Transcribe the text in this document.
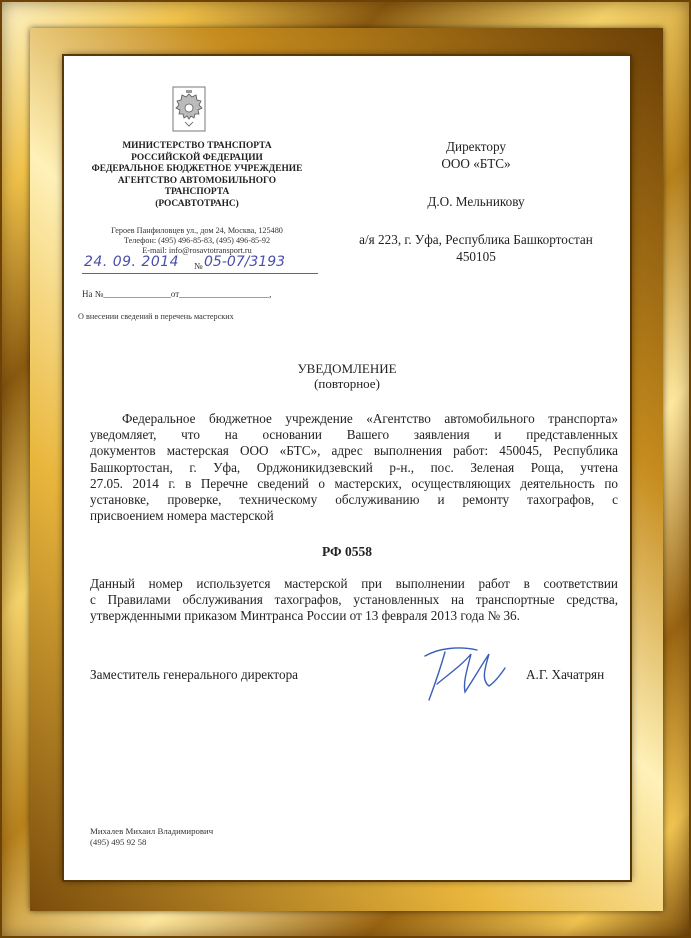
МИНИСТЕРСТВО ТРАНСПОРТА
РОССИЙСКОЙ ФЕДЕРАЦИИ
ФЕДЕРАЛЬНОЕ БЮДЖЕТНОЕ УЧРЕЖДЕНИЕ
АГЕНТСТВО АВТОМОБИЛЬНОГО
ТРАНСПОРТА
(РОСАВТОТРАНС)
Героев Панфиловцев ул., дом 24, Москва, 125480
Телефон: (495) 496-85-83, (495) 496-85-92
E-mail: info@rosavtotransport.ru
24. 09. 2014 № 05-07/3193
На №_______________от____________________,
О внесении сведений в перечень мастерских
Директору
ООО «БТС»
Д.О. Мельникову
а/я 223, г. Уфа, Республика Башкортостан
450105
УВЕДОМЛЕНИЕ
(повторное)
Федеральное бюджетное учреждение «Агентство автомобильного транспорта»
уведомляет, что на основании Вашего заявления и представленных
документов мастерская ООО «БТС», адрес выполнения работ: 450045, Республика
Башкортостан, г. Уфа, Орджоникидзевский р-н., пос. Зеленая Роща, учтена
27.05. 2014 г. в Перечне сведений о мастерских, осуществляющих деятельность по
установке, проверке, техническому обслуживанию и ремонту тахографов, с
присвоением номера мастерской
РФ 0558
Данный номер используется мастерской при выполнении работ в соответствии
с Правилами обслуживания тахографов, установленных на транспортные средства,
утвержденными приказом Минтранса России от 13 февраля 2013 года № 36.
Заместитель генерального директора	А.Г. Хачатрян
Михалев Михаил Владимирович
(495) 495 92 58
